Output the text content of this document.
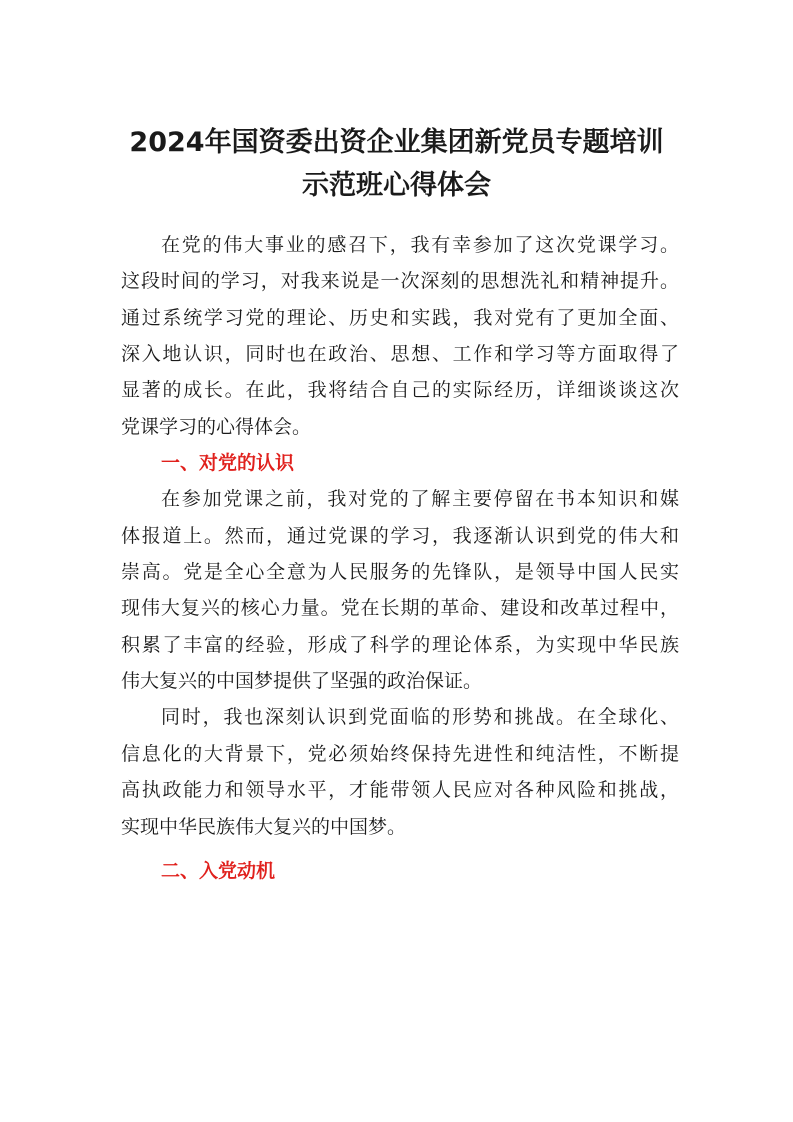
2024年国资委出资企业集团新党员专题培训
示范班心得体会
在党的伟大事业的感召下，我有幸参加了这次党课学习。
这段时间的学习，对我来说是一次深刻的思想洗礼和精神提升。
通过系统学习党的理论、历史和实践，我对党有了更加全面、
深入地认识，同时也在政治、思想、工作和学习等方面取得了
显著的成长。在此，我将结合自己的实际经历，详细谈谈这次
党课学习的心得体会。
一、对党的认识
在参加党课之前，我对党的了解主要停留在书本知识和媒
体报道上。然而，通过党课的学习，我逐渐认识到党的伟大和
崇高。党是全心全意为人民服务的先锋队，是领导中国人民实
现伟大复兴的核心力量。党在长期的革命、建设和改革过程中，
积累了丰富的经验，形成了科学的理论体系，为实现中华民族
伟大复兴的中国梦提供了坚强的政治保证。
同时，我也深刻认识到党面临的形势和挑战。在全球化、
信息化的大背景下，党必须始终保持先进性和纯洁性，不断提
高执政能力和领导水平，才能带领人民应对各种风险和挑战，
实现中华民族伟大复兴的中国梦。
二、入党动机
